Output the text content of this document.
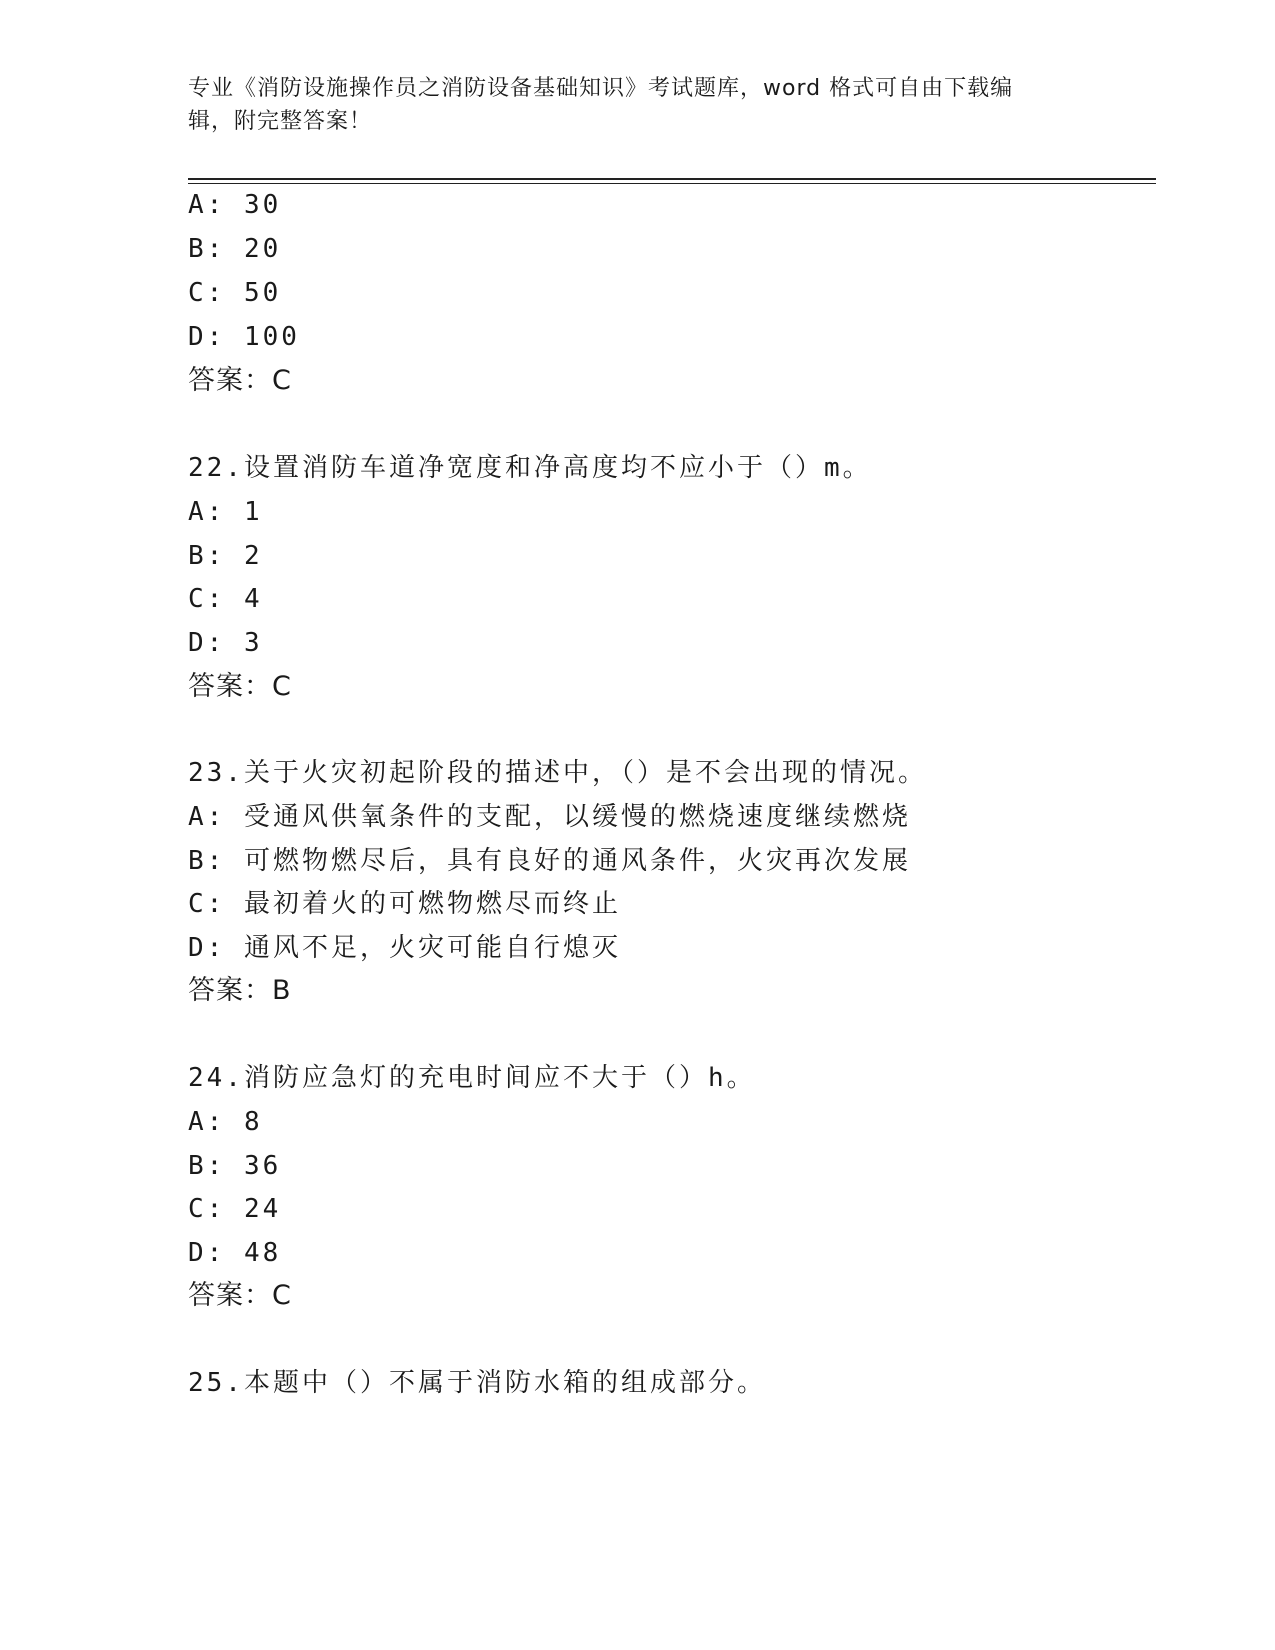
专业《消防设施操作员之消防设备基础知识》考试题库，word 格式可自由下载编
辑，附完整答案！
A: 30
B: 20
C: 50
D: 100
答案：C
22.设置消防车道净宽度和净高度均不应小于（）m。
A: 1
B: 2
C: 4
D: 3
答案：C
23.关于火灾初起阶段的描述中，（）是不会出现的情况。
A: 受通风供氧条件的支配，以缓慢的燃烧速度继续燃烧
B: 可燃物燃尽后，具有良好的通风条件，火灾再次发展
C: 最初着火的可燃物燃尽而终止
D: 通风不足，火灾可能自行熄灭
答案：B
24.消防应急灯的充电时间应不大于（）h。
A: 8
B: 36
C: 24
D: 48
答案：C
25.本题中（）不属于消防水箱的组成部分。
